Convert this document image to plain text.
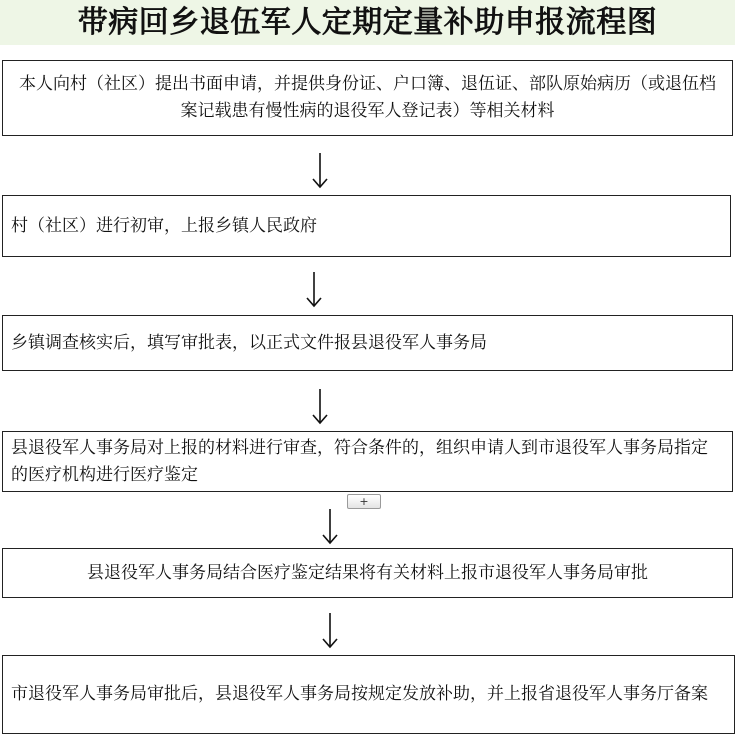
带病回乡退伍军人定期定量补助申报流程图
本人向村（社区）提出书面申请，并提供身份证、户口簿、退伍证、部队原始病历（或退伍档案记载患有慢性病的退役军人登记表）等相关材料
村（社区）进行初审，上报乡镇人民政府
乡镇调查核实后，填写审批表，以正式文件报县退役军人事务局
县退役军人事务局对上报的材料进行审查，符合条件的，组织申请人到市退役军人事务局指定的医疗机构进行医疗鉴定
+
县退役军人事务局结合医疗鉴定结果将有关材料上报市退役军人事务局审批
市退役军人事务局审批后，县退役军人事务局按规定发放补助，并上报省退役军人事务厅备案
